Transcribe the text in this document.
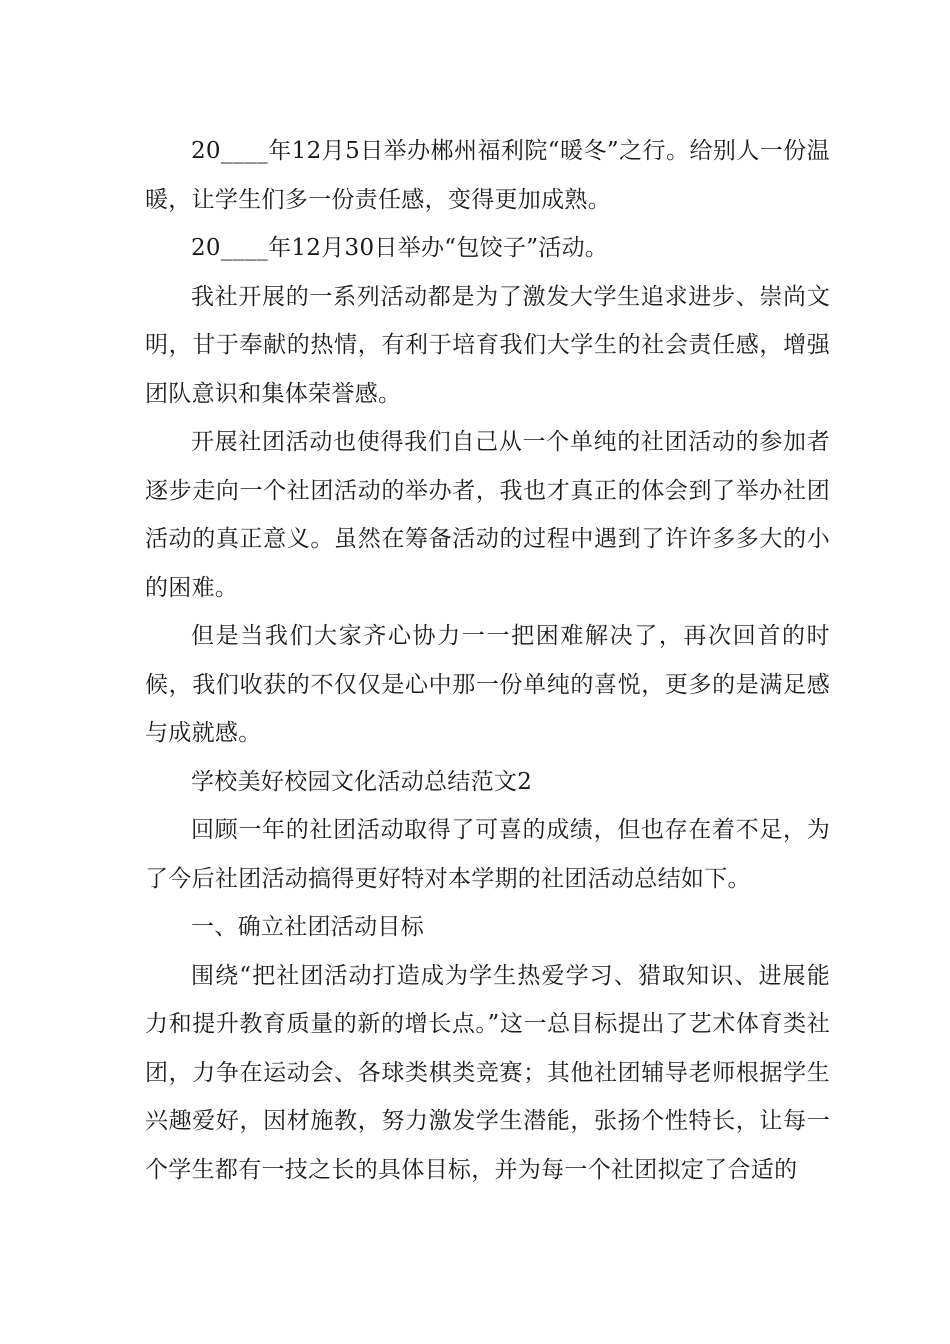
20____年12月5日举办郴州福利院“暖冬”之行。给别人一份温暖，让学生们多一份责任感，变得更加成熟。

20____年12月30日举办“包饺子”活动。

我社开展的一系列活动都是为了激发大学生追求进步、崇尚文明，甘于奉献的热情，有利于培育我们大学生的社会责任感，增强团队意识和集体荣誉感。

开展社团活动也使得我们自己从一个单纯的社团活动的参加者逐步走向一个社团活动的举办者，我也才真正的体会到了举办社团活动的真正意义。虽然在筹备活动的过程中遇到了许许多多大的小的困难。

但是当我们大家齐心协力一一把困难解决了，再次回首的时候，我们收获的不仅仅是心中那一份单纯的喜悦，更多的是满足感与成就感。

学校美好校园文化活动总结范文2

回顾一年的社团活动取得了可喜的成绩，但也存在着不足，为了今后社团活动搞得更好特对本学期的社团活动总结如下。

一、确立社团活动目标

围绕“把社团活动打造成为学生热爱学习、猎取知识、进展能力和提升教育质量的新的增长点。”这一总目标提出了艺术体育类社团，力争在运动会、各球类棋类竞赛；其他社团辅导老师根据学生兴趣爱好，因材施教，努力激发学生潜能，张扬个性特长，让每一个学生都有一技之长的具体目标，并为每一个社团拟定了合适的
